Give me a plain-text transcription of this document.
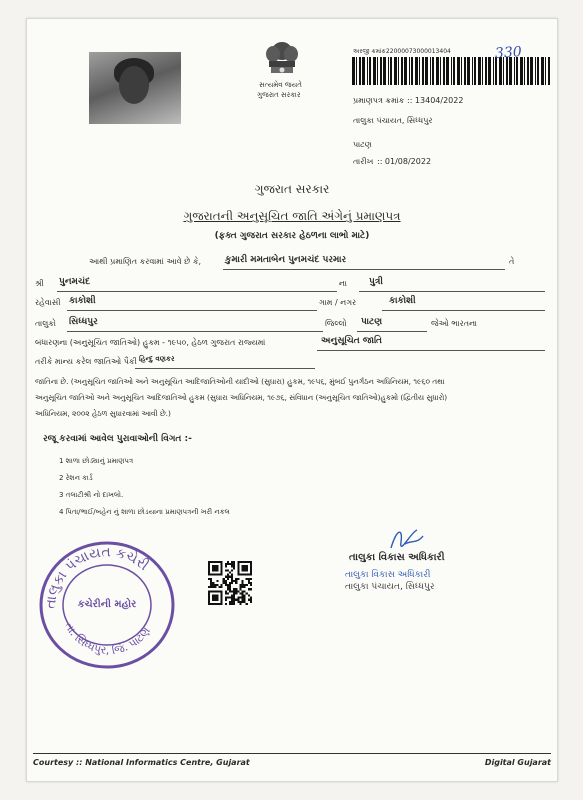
સત્યમેવ જયતે
ગુજરાત સરકાર
અરજી ક્રમાંક
: 22000073000013404	330
પ્રમાણપત્ર ક્રમાંક :: 13404/2022
તાલુકા પંચાયત, સિધ્ધપુર
પાટણ
તારીખ :: 01/08/2022
ગુજરાત સરકાર
ગુજરાતની અનુસૂચિત જાતિ અંગેનું પ્રમાણપત્ર
(ફક્ત ગુજરાત સરકાર હેઠળના લાભો માટે)
આથી પ્રમાણિત કરવામાં આવે છે કે,	કુમારી મમતાબેન પુનમચંદ પરમાર	તે
શ્રી પુનમચંદ	ના પુત્રી
રહેવાસી કાકોશી	ગામ / નગર	કાકોશી
તાલુકો સિધ્ધપુર	જિલ્લો પાટણ	જેઓ ભારતના
બંધારણના (અનુસૂચિત જાતિઓ) હુકમ - ૧૯૫૦, હેઠળ ગુજરાત રાજ્યમાં	અનુસૂચિત જાતિ
તરીકે માન્ય કરેલ જાતિઓ પૈકી હિન્દુ વણકર
જાતિના છે. (અનુસૂચિત જાતિઓ અને અનુસૂચિત આદિજાતિઓની યાદીઓ (સુધારા) હુકમ, ૧૯૫૬, મુંબઈ પુનર્ગઠન અધિનિયમ, ૧૯૬૦ તથા
અનુસૂચિત જાતિઓ અને અનુસૂચિત આદિજાતિઓ હુકમ (સુધારા અધિનિયમ, ૧૯૭૬, સંવિધાન (અનુસૂચિત જાતિઓ)હુકમો (દ્વિતીય સુધારો)
અધિનિયમ, ૨૦૦૨ હેઠળ સુધારવામાં આવી છે.)
રજૂ કરવામાં આવેલ પુરાવાઓની વિગત :-
1 શાળા છોડ્યાનું પ્રમાણપત્ર
2 રેશન કાર્ડ
3 તલાટીશ્રી નો દાખલો.
4 પિતા/ભાઈ/બહેન નું શાળા છોડયાના પ્રમાણપત્રની ખરી નકલ
તાલુકા પંચાયત કચેરી
તા. સિધ્ધપુર, જિ. પાટણ
કચેરીની મહોર
તાલુકા વિકાસ અધિકારી
તાલુકા વિકાસ અધિકારી
તાલુકા પંચાયત, સિધ્ધપુર
Courtesy :: National Informatics Centre, Gujarat	Digital Gujarat
